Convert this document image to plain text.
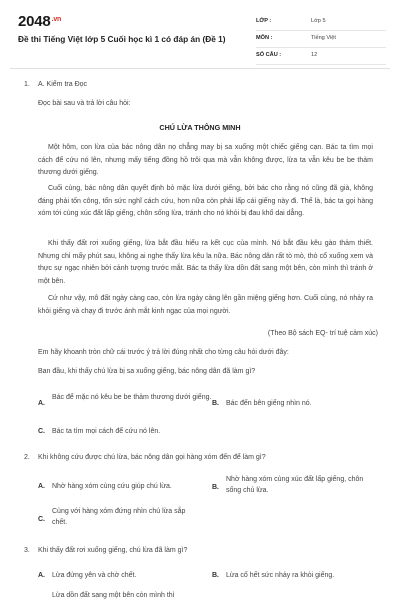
$2048^{.vn}$
Đề thi Tiếng Việt lớp 5 Cuối học kì 1 có đáp án (Đề 1)
LỚP :	Lớp 5
MÔN :	Tiếng Việt
SỐ CÂU :	12
1. A. Kiểm tra Đọc
Đọc bài sau và trả lời câu hỏi:
CHÚ LỪA THÔNG MINH
Một hôm, con lừa của bác nông dân nọ chẳng may bị sa xuống một chiếc giếng cạn. Bác ta tìm mọi cách để cứu nó lên, nhưng mấy tiếng đồng hồ trôi qua mà vẫn không được, lừa ta vẫn kêu be be thảm thương dưới giếng.
Cuối cùng, bác nông dân quyết định bỏ mặc lừa dưới giếng, bởi bác cho rằng nó cũng đã già, không đáng phải tốn công, tốn sức nghĩ cách cứu, hơn nữa còn phải lấp cái giếng này đi. Thế là, bác ta gọi hàng xóm tới cùng xúc đất lấp giếng, chôn sống lừa, tránh cho nó khỏi bị đau khổ dai dẳng.
Khi thấy đất rơi xuống giếng, lừa bắt đầu hiểu ra kết cục của mình. Nó bắt đầu kêu gào thảm thiết. Nhưng chỉ mấy phút sau, không ai nghe thấy lừa kêu la nữa. Bác nông dân rất tò mò, thò cổ xuống xem và thực sự ngạc nhiên bởi cảnh tượng trước mắt. Bác ta thấy lừa dồn đất sang một bên, còn mình thì tránh ở một bên.
Cứ như vậy, mô đất ngày càng cao, còn lừa ngày càng lên gần miệng giếng hơn. Cuối cùng, nó nhảy ra khỏi giếng và chạy đi trước ánh mắt kinh ngạc của mọi người.
(Theo Bộ sách EQ- trí tuệ cảm xúc)
Em hãy khoanh tròn chữ cái trước ý trả lời đúng nhất cho từng câu hỏi dưới đây:
Ban đầu, khi thấy chú lừa bị sa xuống giếng, bác nông dân đã làm gì?
A.
Bác để mặc nó kêu be be thảm thương dưới giếng.
B. Bác đến bên giếng nhìn nó.
C. Bác ta tìm mọi cách để cứu nó lên.
2. Khi không cứu được chú lừa, bác nông dân gọi hàng xóm đến để làm gì?
A. Nhờ hàng xóm cùng cứu giúp chú lừa.	B.
Nhờ hàng xóm cùng xúc đất lấp giếng, chôn sống chú lừa.
C.
Cùng với hàng xóm đứng nhìn chú lừa sắp chết.
3. Khi thấy đất rơi xuống giếng, chú lừa đã làm gì?
A. Lừa đứng yên và chờ chết.	B. Lừa cố hết sức nhảy ra khỏi giếng.
Lừa dồn đất sang một bên còn mình thì
